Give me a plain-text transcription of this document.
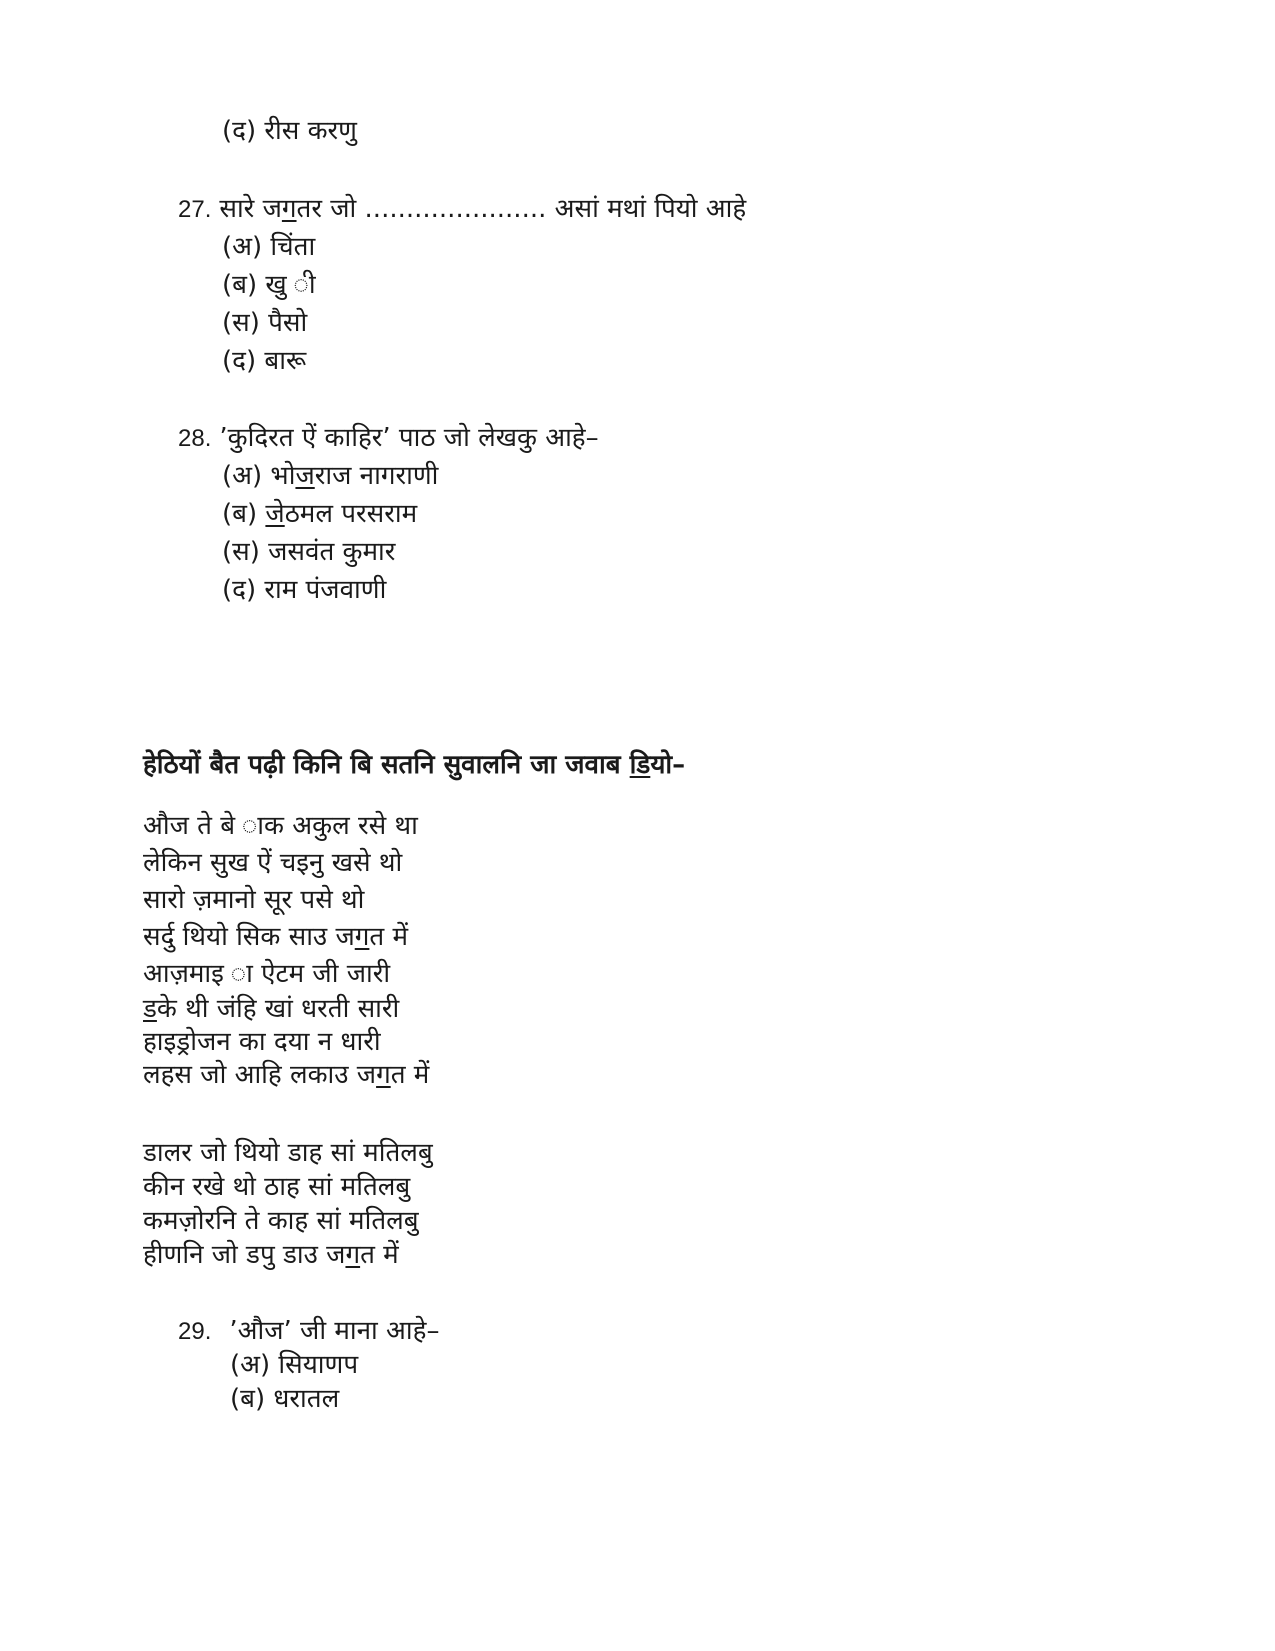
(द) रीस करणु
27. सारे जगतर जो ...................... असां मथां पियो आहे
(अ) चिंता
(ब) खु ी
(स) पैसो
(द) बारू
28. ’कुदिरत ऐं काहिर’ पाठ जो लेखकु आहे–
(अ) भोजराज नागराणी
(ब) जेठमल परसराम
(स) जसवंत कुमार
(द) राम पंजवाणी
हेठियों बैत पढ़ी किनि बि सतनि सुवालनि जा जवाब डियो–
औज ते बे ाक अकुल रसे था
लेकिन सुख ऐं चइनु खसे थो
सारो ज़मानो सूर पसे थो
सर्दु थियो सिक साउ जगत में
आज़माइ ा ऐटम जी जारी
डके थी जंहि खां धरती सारी
हाइड्रोजन का दया न धारी
लहस जो आहि लकाउ जगत में
डालर जो थियो डाह सां मतिलबु
कीन रखे थो ठाह सां मतिलबु
कमज़ोरनि ते काह सां मतिलबु
हीणनि जो डपु डाउ जगत में
29. ’औज’ जी माना आहे–
(अ) सियाणप
(ब) धरातल
